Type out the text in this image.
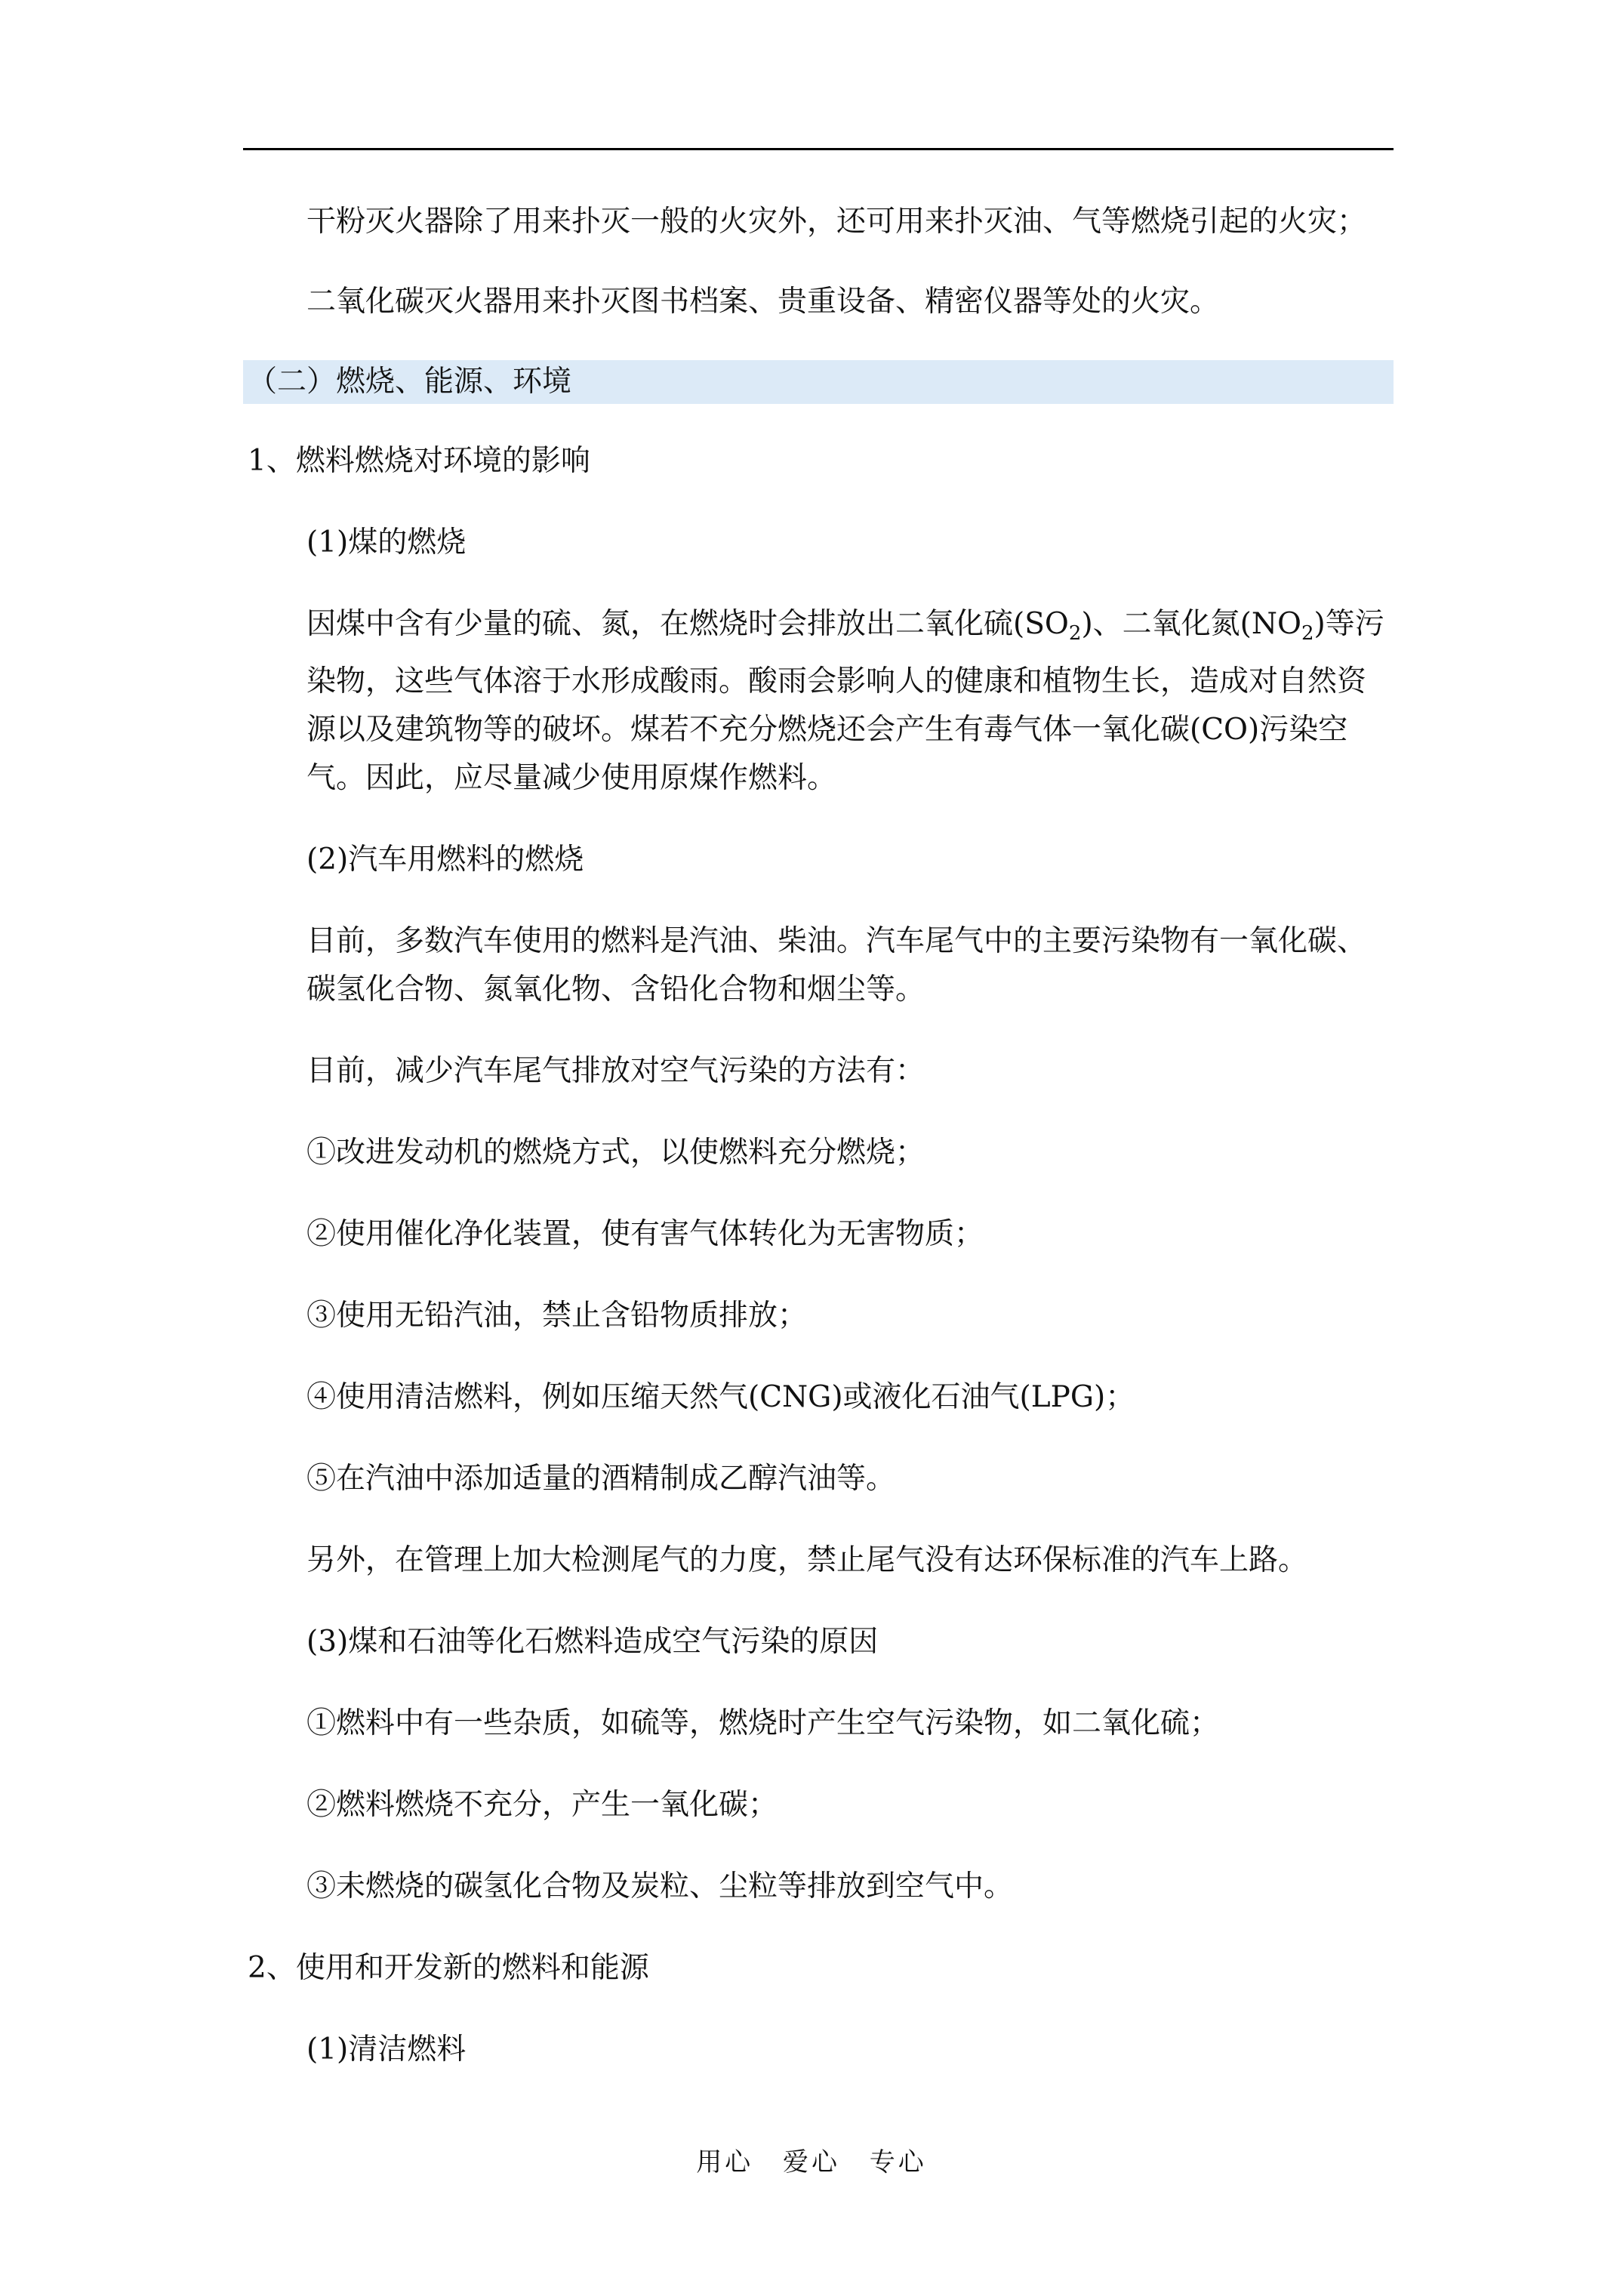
干粉灭火器除了用来扑灭一般的火灾外，还可用来扑灭油、气等燃烧引起的火灾；

二氧化碳灭火器用来扑灭图书档案、贵重设备、精密仪器等处的火灾。

（二）燃烧、能源、环境

1、燃料燃烧对环境的影响

(1)煤的燃烧

因煤中含有少量的硫、氮，在燃烧时会排放出二氧化硫$(SO_2)$、二氧化氮$(NO_2)$等污染物，这些气体溶于水形成酸雨。酸雨会影响人的健康和植物生长，造成对自然资源以及建筑物等的破坏。煤若不充分燃烧还会产生有毒气体一氧化碳(CO)污染空气。因此，应尽量减少使用原煤作燃料。

(2)汽车用燃料的燃烧

目前，多数汽车使用的燃料是汽油、柴油。汽车尾气中的主要污染物有一氧化碳、碳氢化合物、氮氧化物、含铅化合物和烟尘等。

目前，减少汽车尾气排放对空气污染的方法有：

①改进发动机的燃烧方式，以使燃料充分燃烧；

②使用催化净化装置，使有害气体转化为无害物质；

③使用无铅汽油，禁止含铅物质排放；

④使用清洁燃料，例如压缩天然气(CNG)或液化石油气(LPG)；

⑤在汽油中添加适量的酒精制成乙醇汽油等。

另外，在管理上加大检测尾气的力度，禁止尾气没有达环保标准的汽车上路。

(3)煤和石油等化石燃料造成空气污染的原因

①燃料中有一些杂质，如硫等，燃烧时产生空气污染物，如二氧化硫；

②燃料燃烧不充分，产生一氧化碳；

③未燃烧的碳氢化合物及炭粒、尘粒等排放到空气中。

2、使用和开发新的燃料和能源

(1)清洁燃料

用心 爱心 专心
